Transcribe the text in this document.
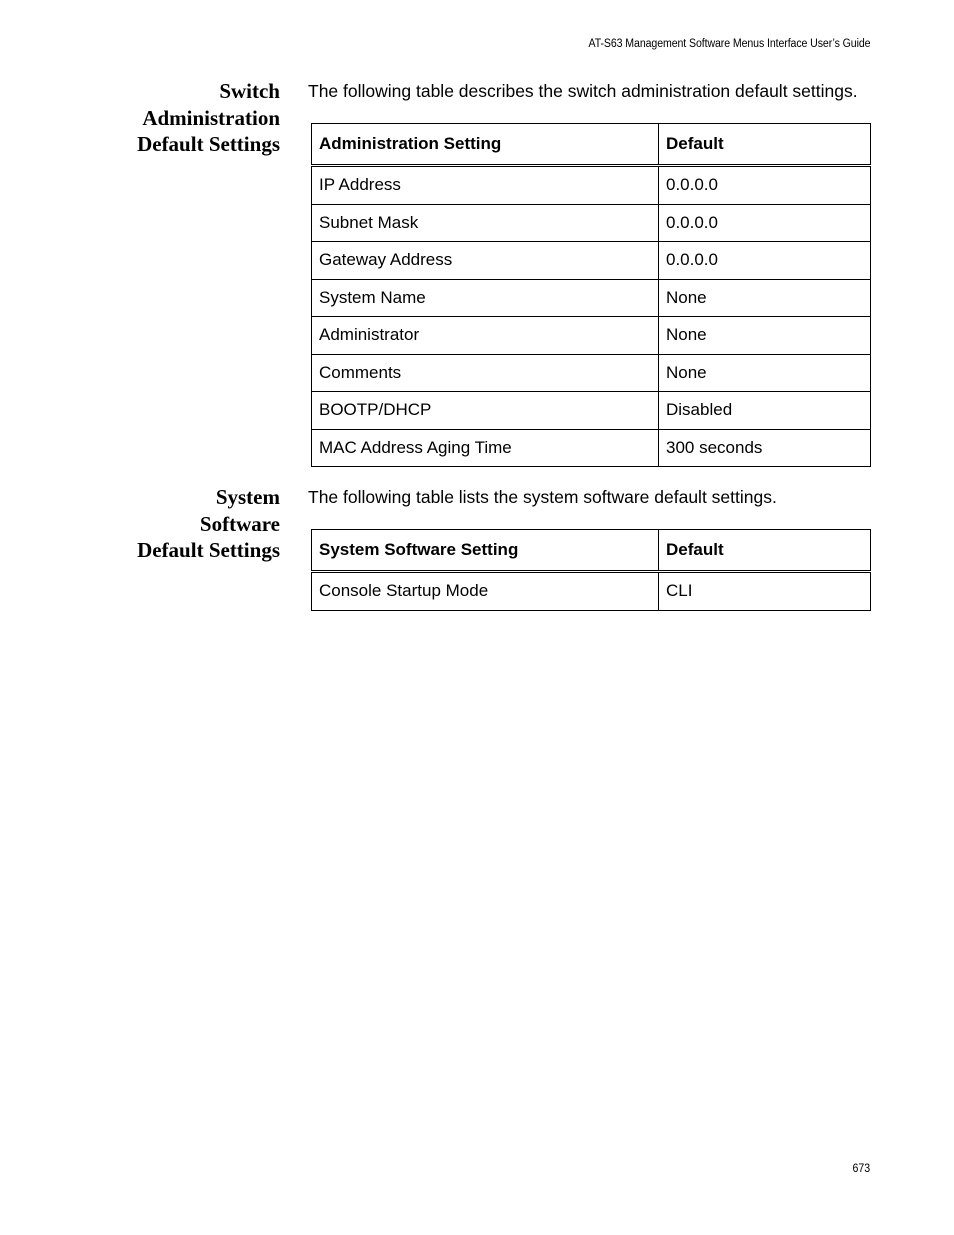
AT-S63 Management Software Menus Interface User’s Guide
Switch
Administration
Default Settings
The following table describes the switch administration default settings.
Administration Setting	Default
IP Address	0.0.0.0
Subnet Mask	0.0.0.0
Gateway Address	0.0.0.0
System Name	None
Administrator	None
Comments	None
BOOTP/DHCP	Disabled
MAC Address Aging Time	300 seconds
System
Software
Default Settings
The following table lists the system software default settings.
System Software Setting	Default
Console Startup Mode	CLI
673
